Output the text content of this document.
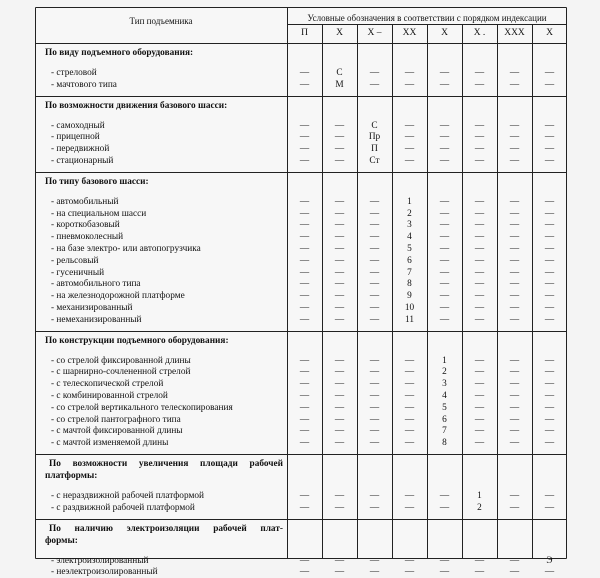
Тип подъемника	Условные обозначения в соответствии с порядком индексации
П	X	X –	XX	X	X .	XXX	X
По виду подъемного оборудования:
- стреловой	—	С	—	—	—	—	—	—
- мачтового типа	—	М	—	—	—	—	—	—
По возможности движения базового шасси:
- самоходный	—	—	С	—	—	—	—	—
- прицепной	—	—	Пр	—	—	—	—	—
- передвижной	—	—	П	—	—	—	—	—
- стационарный	—	—	Ст	—	—	—	—	—
По типу базового шасси:
- автомобильный	—	—	—	1	—	—	—	—
- на специальном шасси	—	—	—	2	—	—	—	—
- короткобазовый	—	—	—	3	—	—	—	—
- пневмоколесный	—	—	—	4	—	—	—	—
- на базе электро- или автопогрузчика	—	—	—	5	—	—	—	—
- рельсовый	—	—	—	6	—	—	—	—
- гусеничный	—	—	—	7	—	—	—	—
- автомобильного типа	—	—	—	8	—	—	—	—
- на железнодорожной платформе	—	—	—	9	—	—	—	—
- механизированный	—	—	—	10	—	—	—	—
- немеханизированный	—	—	—	11	—	—	—	—
По конструкции подъемного оборудования:
- со стрелой фиксированной длины	—	—	—	—	1	—	—	—
- с шарнирно-сочлененной стрелой	—	—	—	—	2	—	—	—
- с телескопической стрелой	—	—	—	—	3	—	—	—
- с комбинированной стрелой	—	—	—	—	4	—	—	—
- со стрелой вертикального телескопирования	—	—	—	—	5	—	—	—
- со стрелой пантографного типа	—	—	—	—	6	—	—	—
- с мачтой фиксированной длины	—	—	—	—	7	—	—	—
- с мачтой изменяемой длины	—	—	—	—	8	—	—	—
По возможности увеличения площади рабочей
платформы:
- с нераздвижной рабочей платформой	—	—	—	—	—	1	—	—
- с раздвижной рабочей платформой	—	—	—	—	—	2	—	—
По наличию электроизоляции рабочей плат-
формы:
- электроизолированный	—	—	—	—	—	—	—	Э
- неэлектроизолированный	—	—	—	—	—	—	—	—
